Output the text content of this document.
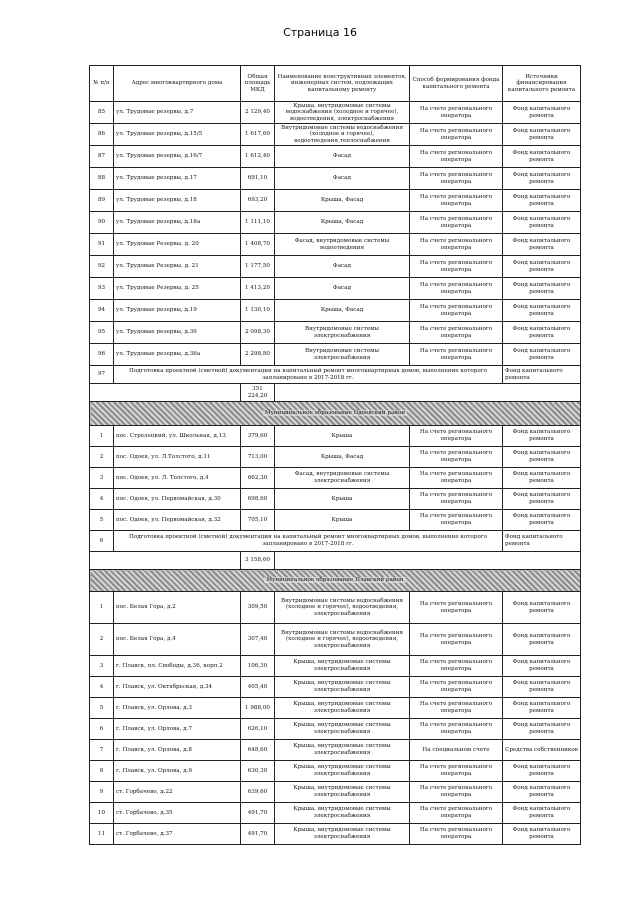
Страница 16
№ п/п	Адрес многоквартирного дома	Общая площадь МКД	Наименование конструктивных элементов, инженерных систем, подлежащих капитальному ремонту	Способ формирования фонда капитального ремонта	Источники финансирования капитального ремонта
85	ул. Трудовые резервы, д.7	2 129,40	Крыша, внутридомовые системы водоснабжения (холодное и горячее), водоотведения, электроснабжения	На счете регионального оператора	Фонд капитального ремонта
86	ул. Трудовые резервы, д.15/5	1 617,60	Внутридомовые системы водоснабжения (холодное и горячее), водоотведения,теплоснабжения	На счете регионального оператора	Фонд капитального ремонта
87	ул. Трудовые резервы, д.16/7	1 612,40	Фасад	На счете регионального оператора	Фонд капитального ремонта
88	ул. Трудовые резервы, д.17	691,10	Фасад	На счете регионального оператора	Фонд капитального ремонта
89	ул. Трудовые резервы, д.18	693,20	Крыша, Фасад	На счете регионального оператора	Фонд капитального ремонта
90	ул. Трудовые резервы, д.18а	1 111,10	Крыша, Фасад	На счете регионального оператора	Фонд капитального ремонта
91	ул. Трудовые Резервы, д. 20	1 408,70	Фасад, внутридомовые системы водоотведения	На счете регионального оператора	Фонд капитального ремонта
92	ул. Трудовые Резервы, д. 21	1 177,50	Фасад	На счете регионального оператора	Фонд капитального ремонта
93	ул. Трудовые Резервы, д. 25	1 413,20	Фасад	На счете регионального оператора	Фонд капитального ремонта
94	ул. Трудовые резервы, д.19	1 130,10	Крыша, Фасад	На счете регионального оператора	Фонд капитального ремонта
95	ул. Трудовые резервы, д.36	2 098,30	Внутридомовые системы электроснабжения	На счете регионального оператора	Фонд капитального ремонта
96	ул. Трудовые резервы, д.36а	2 298,80	Внутридомовые системы электроснабжения	На счете регионального оператора	Фонд капитального ремонта
97	Подготовка проектной (сметной) документации на капитальный ремонт многоквартирных домов, выполнение которого запланировано в 2017-2018 гг.				Фонд капитального ремонта
		351 224,20			
Муниципальное образование Одоевский район					
1	пос. Стрелецкий, ул. Школьная, д.13	379,60	Крыша	На счете регионального оператора	Фонд капитального ремонта
2	пос. Одоев, ул. Л.Толстого, д.11	713,00	Крыша, Фасад	На счете регионального оператора	Фонд капитального ремонта
3	пос. Одоев, ул. Л. Толстого, д.4	662,30	Фасад, внутридомовые системы электроснабжения	На счете регионального оператора	Фонд капитального ремонта
4	пос. Одоев, ул. Первомайская, д.30	698,60	Крыша	На счете регионального оператора	Фонд капитального ремонта
5	пос. Одоев, ул. Первомайская, д.32	705,10	Крыша	На счете регионального оператора	Фонд капитального ремонта
6	Подготовка проектной (сметной) документации на капитальный ремонт многоквартирных домов, выполнение которого запланировано в 2017-2018 гг.				Фонд капитального ремонта
		3 158,60			
Муниципальное образование Плавский район					
1	пос. Белая Гора, д.2	309,50	Внутридомовые системы водоснабжения (холодное и горячее), водоотведения, электроснабжения	На счете регионального оператора	Фонд капитального ремонта
2	пос. Белая Гора, д.4	307,40	Внутридомовые системы водоснабжения (холодное и горячее), водоотведения, электроснабжения	На счете регионального оператора	Фонд капитального ремонта
3	г. Плавск, пл. Свободы, д.36, корп.2	106,30	Крыша, внутридомовые системы электроснабжения	На счете регионального оператора	Фонд капитального ремонта
4	г. Плавск, ул. Октябрьская, д.34	405,40	Крыша, внутридомовые системы электроснабжения	На счете регионального оператора	Фонд капитального ремонта
5	г. Плавск, ул. Орлова, д.3	1 988,00	Крыша, внутридомовые системы электроснабжения	На счете регионального оператора	Фонд капитального ремонта
6	г. Плавск, ул. Орлова, д.7	626,10	Крыша, внутридомовые системы электроснабжения	На счете регионального оператора	Фонд капитального ремонта
7	г. Плавск, ул. Орлова, д.8	648,60	Крыша, внутридомовые системы электроснабжения	На специальном счете	Средства собственников
8	г. Плавск, ул. Орлова, д.9	630,30	Крыша, внутридомовые системы электроснабжения	На счете регионального оператора	Фонд капитального ремонта
9	ст. Горбачево, д.22	639,60	Крыша, внутридомовые системы электроснабжения	На счете регионального оператора	Фонд капитального ремонта
10	ст. Горбачево, д.35	491,70	Крыша, внутридомовые системы электроснабжения	На счете регионального оператора	Фонд капитального ремонта
11	ст. Горбачево, д.37	491,70	Крыша, внутридомовые системы электроснабжения	На счете регионального оператора	Фонд капитального ремонта
